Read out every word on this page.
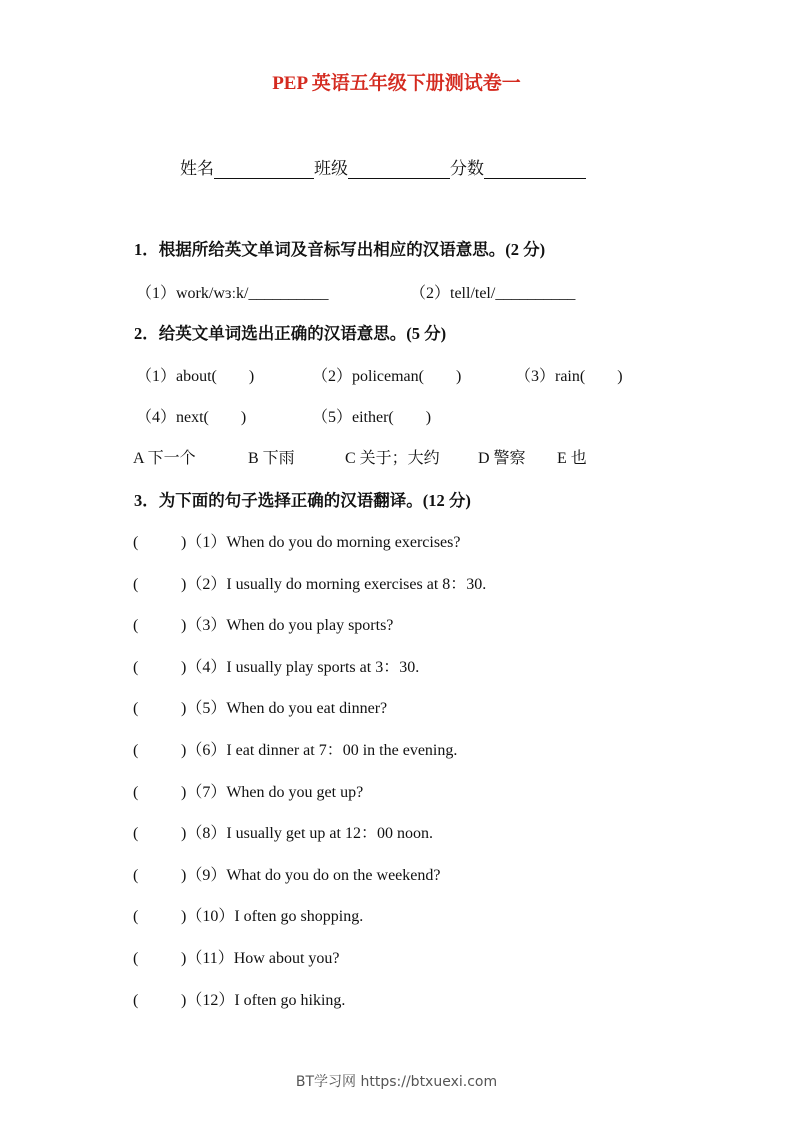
PEP 英语五年级下册测试卷一
姓名	班级	分数
1．根据所给英文单词及音标写出相应的汉语意思。(2 分)
（1）work/wɜːk/__________	（2）tell/tel/__________
2．给英文单词选出正确的汉语意思。(5 分)
（1）about(　　)	（2）policeman(　　)	（3）rain(　　)
（4）next(　　)	（5）either(　　)
A 下一个	B 下雨	C 关于；大约 D 警察 E 也
3．为下面的句子选择正确的汉语翻译。(12 分)
(	)（1）When do you do morning exercises?
(	)（2）I usually do morning exercises at 8：30.
(	)（3）When do you play sports?
(	)（4）I usually play sports at 3：30.
(	)（5）When do you eat dinner?
(	)（6）I eat dinner at 7：00 in the evening.
(	)（7）When do you get up?
(	)（8）I usually get up at 12：00 noon.
(	)（9）What do you do on the weekend?
(	)（10）I often go shopping.
(	)（11）How about you?
(	)（12）I often go hiking.
BT学习网 https://btxuexi.com
